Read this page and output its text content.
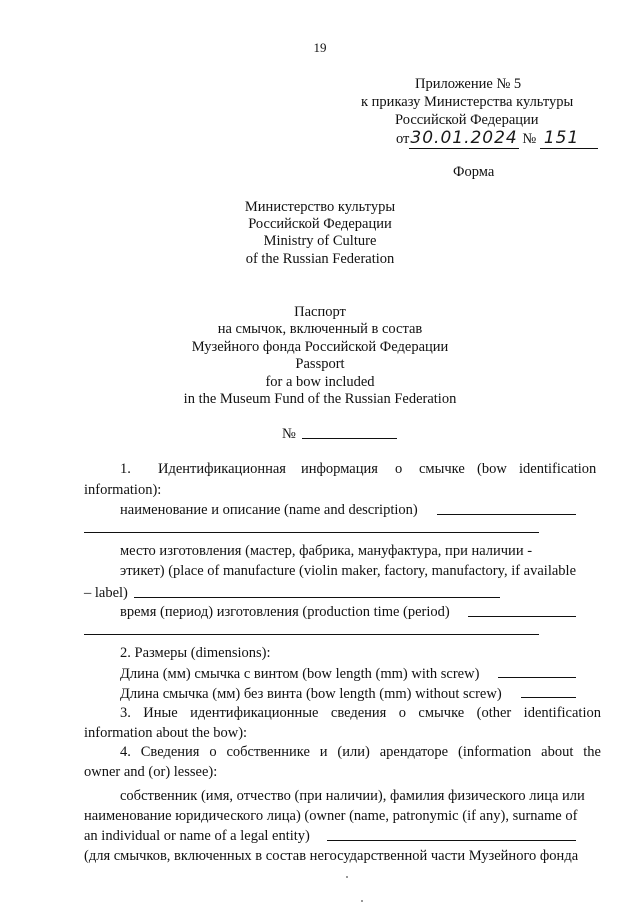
19
Приложение № 5
к приказу Министерства культуры
Российской Федерации
от30.01.2024 № 151
Форма
Министерство культуры
Российской Федерации
Ministry of Culture
of the Russian Federation
Паспорт
на смычок, включенный в состав
Музейного фонда Российской Федерации
Passport
for a bow included
in the Museum Fund of the Russian Federation
№
1. Идентификационная информация о смычке (bow identification
information):
наименование и описание (name and description)
место изготовления (мастер, фабрика, мануфактура, при наличии -
этикет) (place of manufacture (violin maker, factory, manufactory, if available
– label)
время (период) изготовления (production time (period)
2. Размеры (dimensions):
Длина (мм) смычка с винтом (bow length (mm) with screw)
Длина смычка (мм) без винта (bow length (mm) without screw)
3. Иные идентификационные сведения о смычке (other identification
information about the bow):
4. Сведения о собственнике и (или) арендаторе (information about the
owner and (or) lessee):
собственник (имя, отчество (при наличии), фамилия физического лица или
наименование юридического лица) (owner (name, patronymic (if any), surname of
an individual or name of a legal entity)
(для смычков, включенных в состав негосударственной части Музейного фонда
